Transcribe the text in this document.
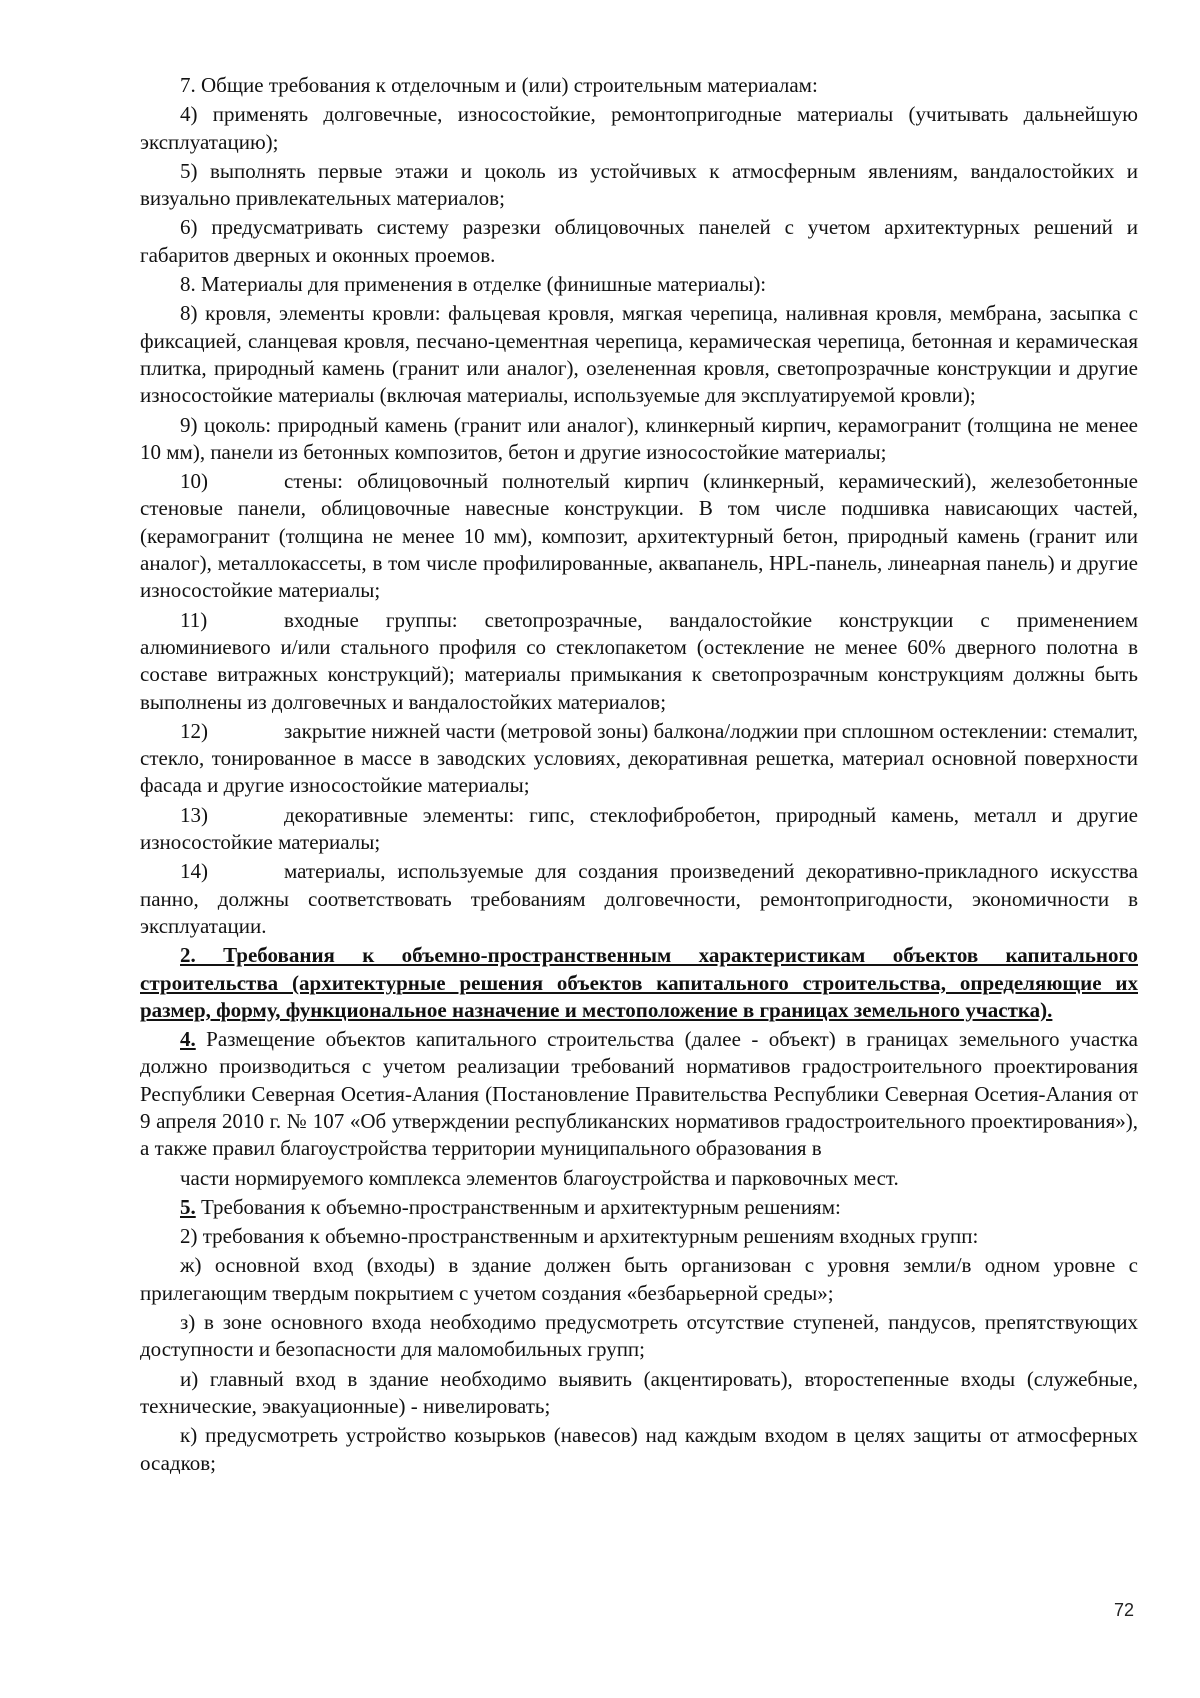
7. Общие требования к отделочным и (или) строительным материалам:

4) применять долговечные, износостойкие, ремонтопригодные материалы (учитывать дальнейшую эксплуатацию);

5) выполнять первые этажи и цоколь из устойчивых к атмосферным явлениям, вандалостойких и визуально привлекательных материалов;

6) предусматривать систему разрезки облицовочных панелей с учетом архитектурных решений и габаритов дверных и оконных проемов.

8. Материалы для применения в отделке (финишные материалы):

8) кровля, элементы кровли: фальцевая кровля, мягкая черепица, наливная кровля, мембрана, засыпка с фиксацией, сланцевая кровля, песчано-цементная черепица, керамическая черепица, бетонная и керамическая плитка, природный камень (гранит или аналог), озелененная кровля, светопрозрачные конструкции и другие износостойкие материалы (включая материалы, используемые для эксплуатируемой кровли);

9) цоколь: природный камень (гранит или аналог), клинкерный кирпич, керамогранит (толщина не менее 10 мм), панели из бетонных композитов, бетон и другие износостойкие материалы;

10)	стены: облицовочный полнотелый кирпич (клинкерный, керамический), железобетонные стеновые панели, облицовочные навесные конструкции. В том числе подшивка нависающих частей, (керамогранит (толщина не менее 10 мм), композит, архитектурный бетон, природный камень (гранит или аналог), металлокассеты, в том числе профилированные, аквапанель, HPL-панель, линеарная панель) и другие износостойкие материалы;

11)	входные группы: светопрозрачные, вандалостойкие конструкции с применением алюминиевого и/или стального профиля со стеклопакетом (остекление не менее 60% дверного полотна в составе витражных конструкций); материалы примыкания к светопрозрачным конструкциям должны быть выполнены из долговечных и вандалостойких материалов;

12)	закрытие нижней части (метровой зоны) балкона/лоджии при сплошном остеклении: стемалит, стекло, тонированное в массе в заводских условиях, декоративная решетка, материал основной поверхности фасада и другие износостойкие материалы;

13)	декоративные элементы: гипс, стеклофибробетон, природный камень, металл и другие износостойкие материалы;

14)	материалы, используемые для создания произведений декоративно-прикладного искусства панно, должны соответствовать требованиям долговечности, ремонтопригодности, экономичности в эксплуатации.

2. Требования к объемно-пространственным характеристикам объектов капитального строительства (архитектурные решения объектов капитального строительства, определяющие их размер, форму, функциональное назначение и местоположение в границах земельного участка).

4. Размещение объектов капитального строительства (далее - объект) в границах земельного участка должно производиться с учетом реализации требований нормативов градостроительного проектирования Республики Северная Осетия-Алания (Постановление Правительства Республики Северная Осетия-Алания от 9 апреля 2010 г. № 107 «Об утверждении республиканских нормативов градостроительного проектирования»), а также правил благоустройства территории муниципального образования в

части нормируемого комплекса элементов благоустройства и парковочных мест.

5. Требования к объемно-пространственным и архитектурным решениям:

2) требования к объемно-пространственным и архитектурным решениям входных групп:

ж) основной вход (входы) в здание должен быть организован с уровня земли/в одном уровне с прилегающим твердым покрытием с учетом создания «безбарьерной среды»;

з) в зоне основного входа необходимо предусмотреть отсутствие ступеней, пандусов, препятствующих доступности и безопасности для маломобильных групп;

и) главный вход в здание необходимо выявить (акцентировать), второстепенные входы (служебные, технические, эвакуационные) - нивелировать;

к) предусмотреть устройство козырьков (навесов) над каждым входом в целях защиты от атмосферных осадков;

72
